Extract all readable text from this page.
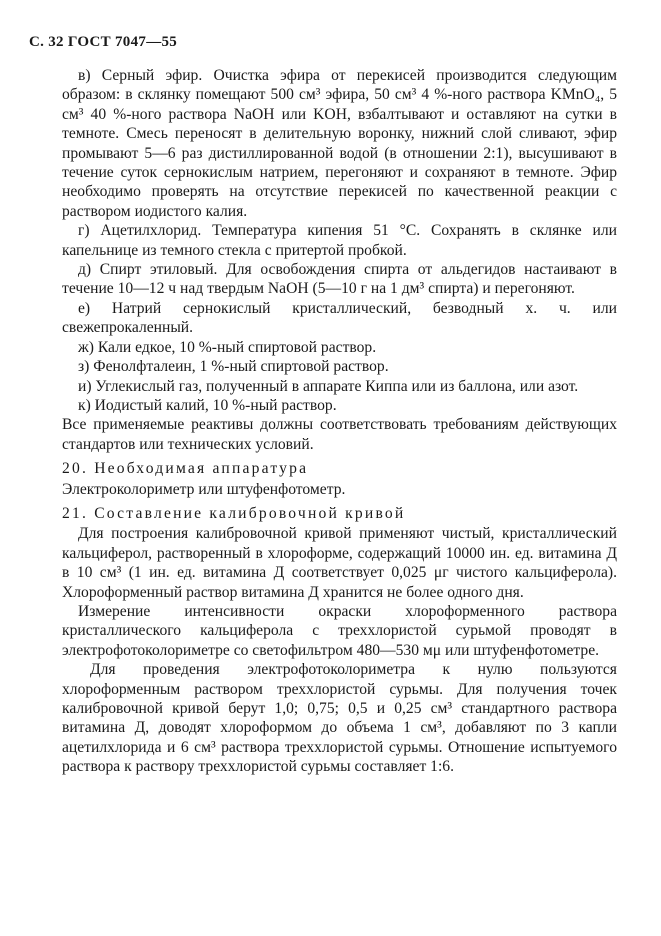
С. 32 ГОСТ 7047—55

в) Серный эфир. Очистка эфира от перекисей производится следующим образом: в склянку помещают 500 см³ эфира, 50 см³ 4 %-ного раствора KMnO₄, 5 см³ 40 %-ного раствора NaOH или KOH, взбалтывают и оставляют на сутки в темноте. Смесь переносят в делительную воронку, нижний слой сливают, эфир промывают 5—6 раз дистиллированной водой (в отношении 2:1), высушивают в течение суток сернокислым натрием, перегоняют и сохраняют в темноте. Эфир необходимо проверять на отсутствие перекисей по качественной реакции с раствором иодистого калия.

г) Ацетилхлорид. Температура кипения 51 °С. Сохранять в склянке или капельнице из темного стекла с притертой пробкой.

д) Спирт этиловый. Для освобождения спирта от альдегидов настаивают в течение 10—12 ч над твердым NaOH (5—10 г на 1 дм³ спирта) и перегоняют.

е) Натрий сернокислый кристаллический, безводный х. ч. или свежепрокаленный.

ж) Кали едкое, 10 %-ный спиртовой раствор.

з) Фенолфталеин, 1 %-ный спиртовой раствор.

и) Углекислый газ, полученный в аппарате Киппа или из баллона, или азот.

к) Иодистый калий, 10 %-ный раствор.

Все применяемые реактивы должны соответствовать требованиям действующих стандартов или технических условий.

20. Необходимая аппаратура

Электроколориметр или штуфенфотометр.

21. Составление калибровочной кривой

Для построения калибровочной кривой применяют чистый, кристаллический кальциферол, растворенный в хлороформе, содержащий 10000 ин. ед. витамина Д в 10 см³ (1 ин. ед. витамина Д соответствует 0,025 μг чистого кальциферола). Хлороформенный раствор витамина Д хранится не более одного дня.

Измерение интенсивности окраски хлороформенного раствора кристаллического кальциферола с треххлористой сурьмой проводят в электрофотоколориметре со светофильтром 480—530 мμ или штуфенфотометре.

Для проведения электрофотоколориметра к нулю пользуются хлороформенным раствором треххлористой сурьмы. Для получения точек калибровочной кривой берут 1,0; 0,75; 0,5 и 0,25 см³ стандартного раствора витамина Д, доводят хлороформом до объема 1 см³, добавляют по 3 капли ацетилхлорида и 6 см³ раствора треххлористой сурьмы. Отношение испытуемого раствора к раствору треххлористой сурьмы составляет 1:6.
